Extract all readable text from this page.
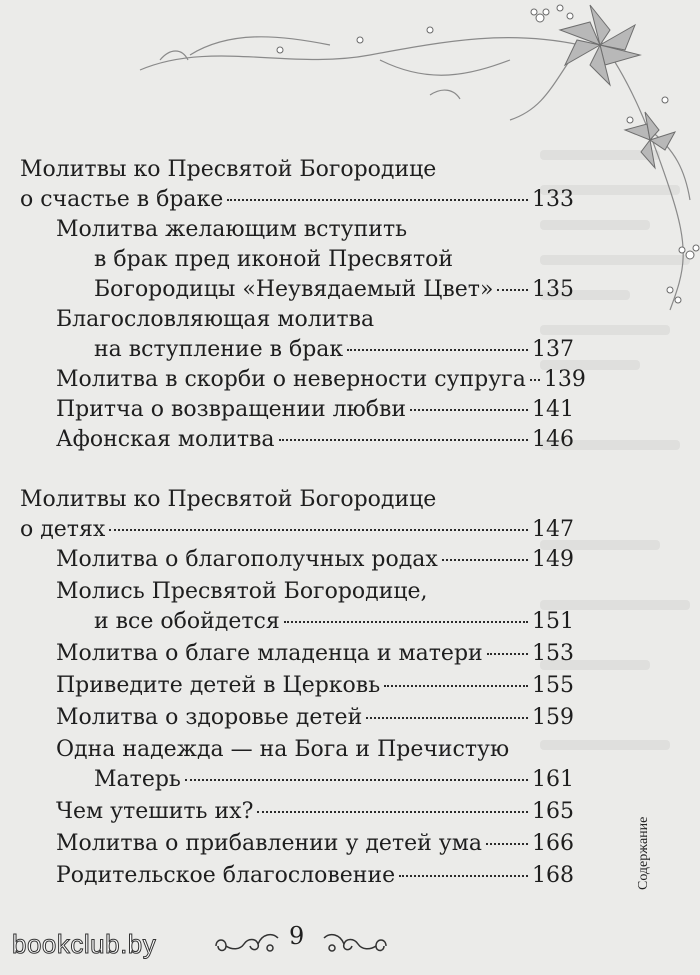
Молитвы ко Пресвятой Богородице
о счастье в браке	133
Молитва желающим вступить
в брак пред иконой Пресвятой
Богородицы «Неувядаемый Цвет» 135
Благословляющая молитва
на вступление в брак	137
Молитва в скорби о неверности супруга 139
Притча о возвращении любви	141
Афонская молитва	146
Молитвы ко Пресвятой Богородице
о детях	147
Молитва о благополучных родах	149
Молись Пресвятой Богородице,
и все обойдется	151
Молитва о благе младенца и матери 153
Приведите детей в Церковь	155
Молитва о здоровье детей	159
Одна надежда — на Бога и Пречистую
Матерь	161
Чем утешить их?	165
Молитва о прибавлении у детей ума 166
Родительское благословение	168	Содержание
9
bookclub.by
